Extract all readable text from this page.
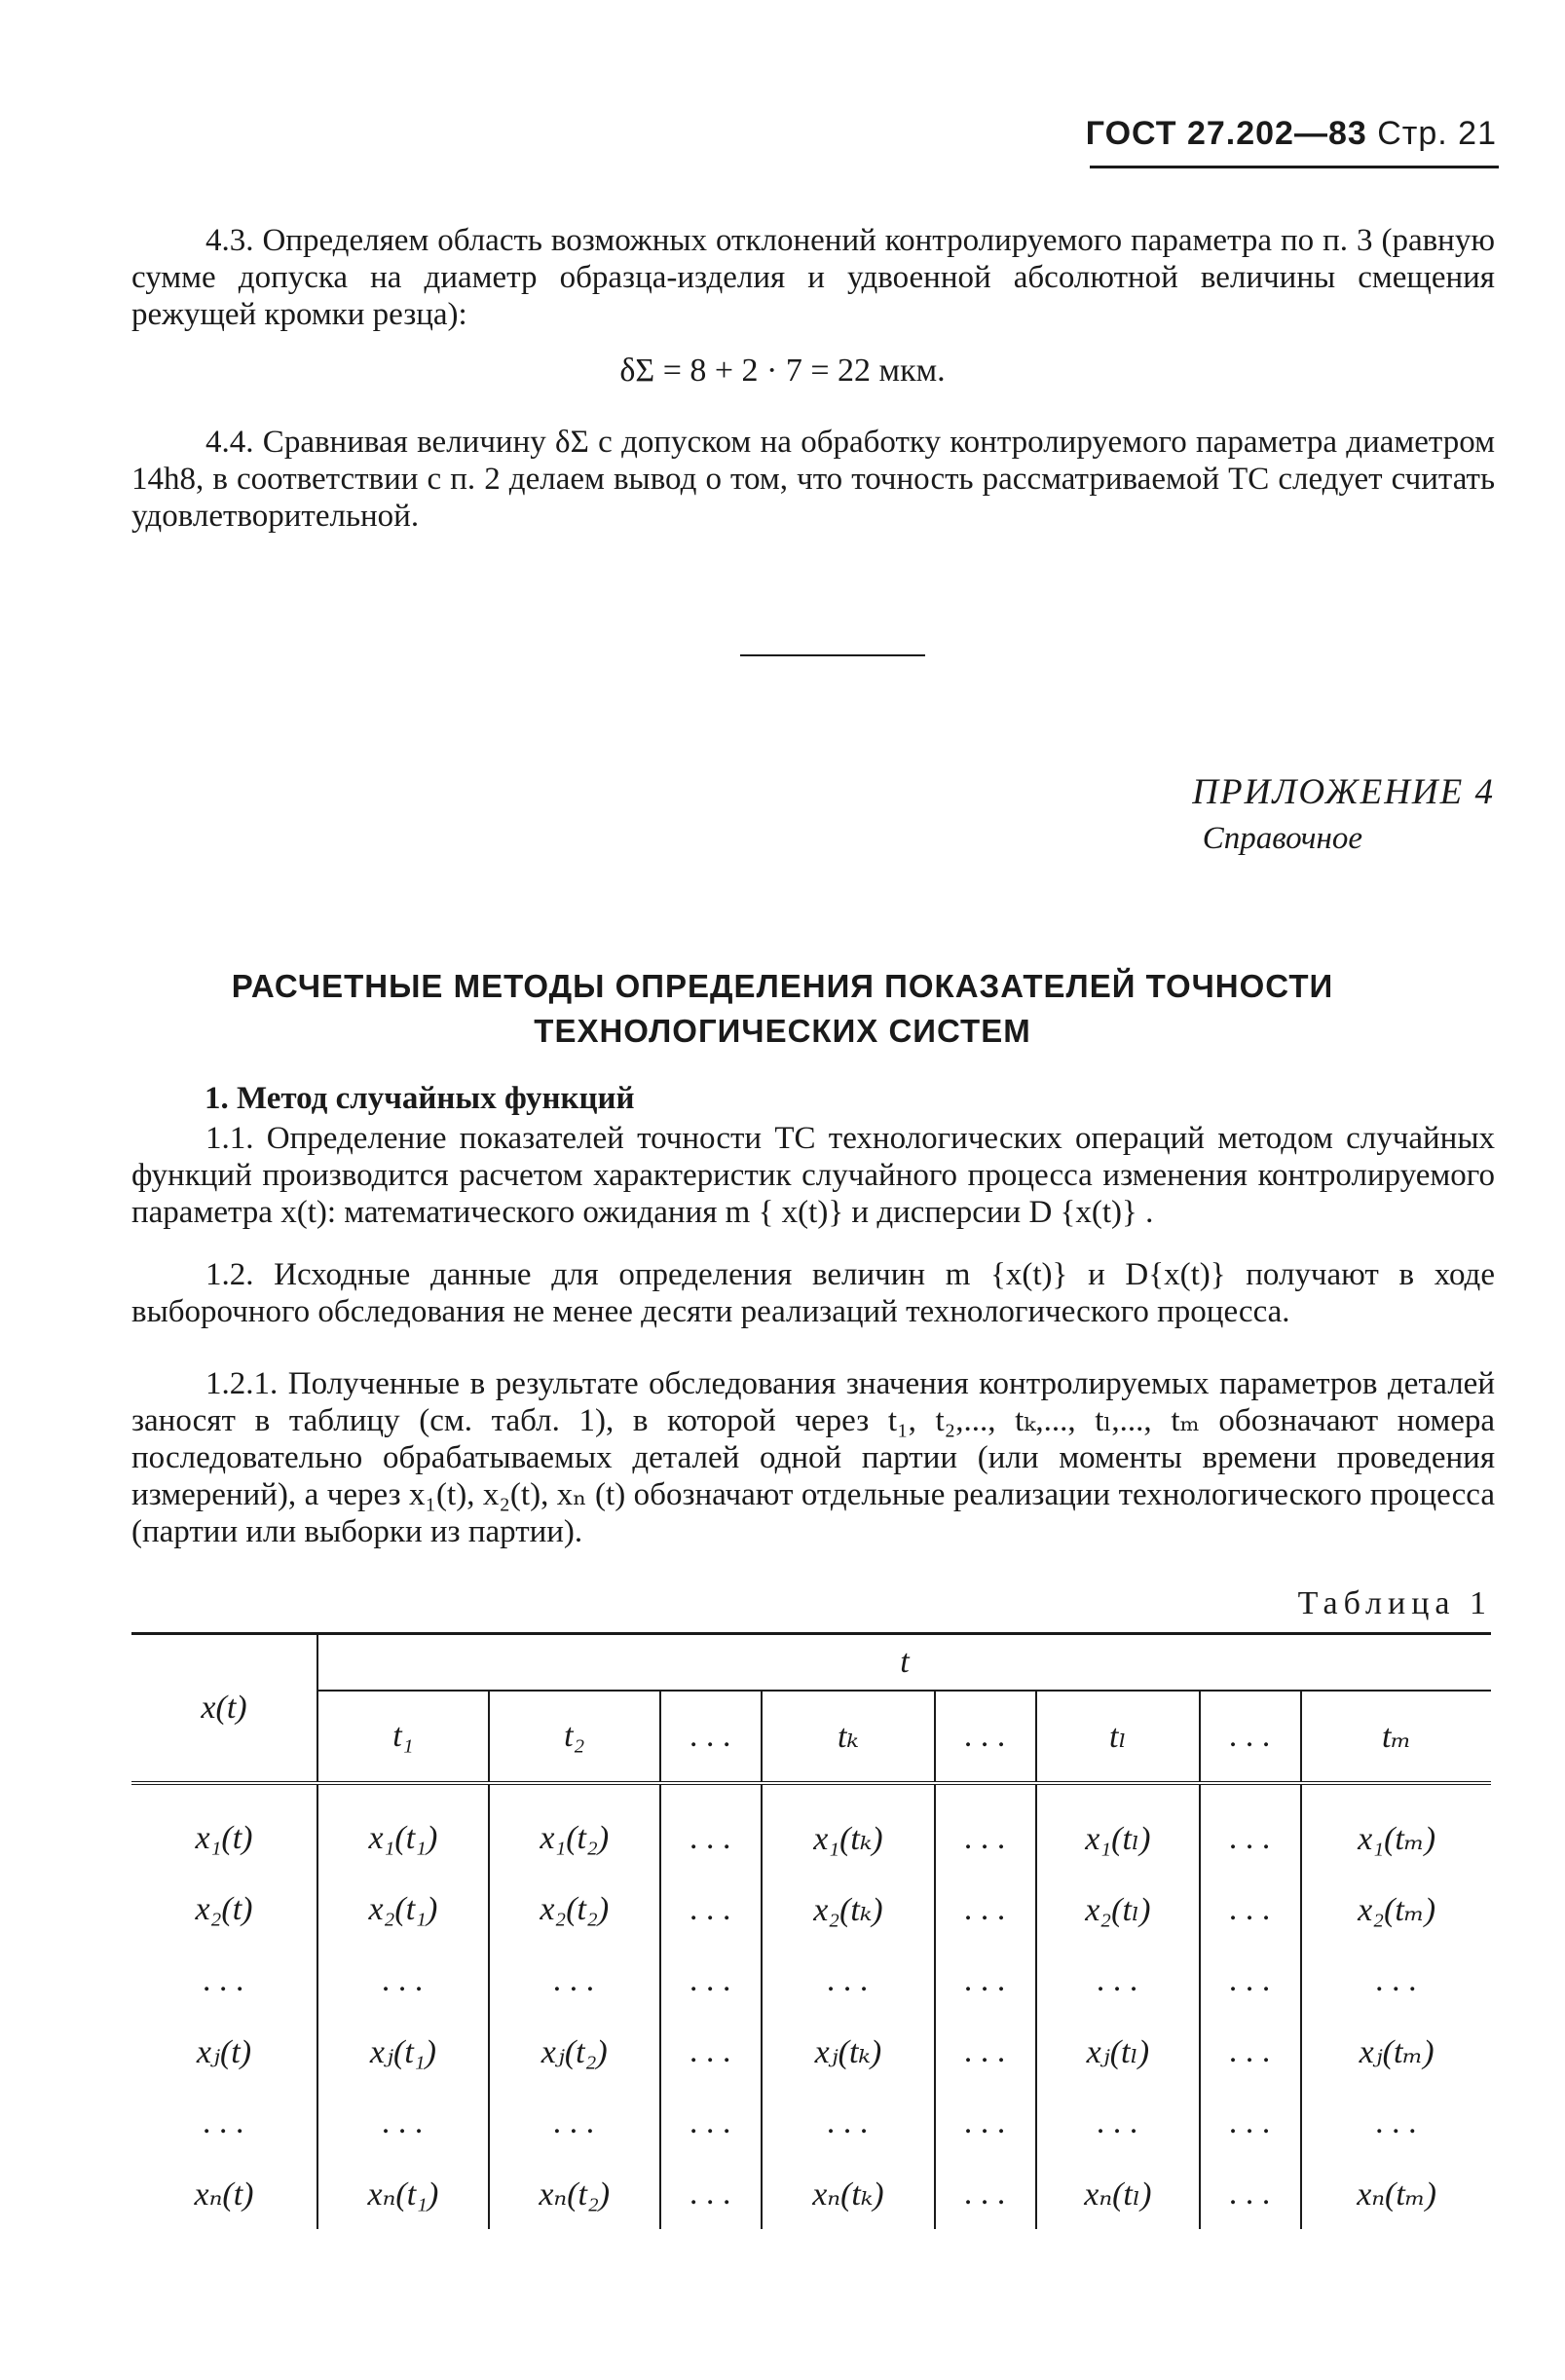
ГОСТ 27.202—83 Стр. 21
4.3. Определяем область возможных отклонений контролируемого параметра по п. 3 (равную сумме допуска на диаметр образца-изделия и удвоенной абсолютной величины смещения режущей кромки резца):
δΣ = 8 + 2 · 7 = 22 мкм.
4.4. Сравнивая величину δΣ с допуском на обработку контролируемого параметра диаметром 14h8, в соответствии с п. 2 делаем вывод о том, что точность рассматриваемой ТС следует считать удовлетворительной.
ПРИЛОЖЕНИЕ 4
Справочное
РАСЧЕТНЫЕ МЕТОДЫ ОПРЕДЕЛЕНИЯ ПОКАЗАТЕЛЕЙ ТОЧНОСТИ
ТЕХНОЛОГИЧЕСКИХ СИСТЕМ
1. Метод случайных функций
1.1. Определение показателей точности ТС технологических операций методом случайных функций производится расчетом характеристик случайного процесса изменения контролируемого параметра x(t): математического ожидания m { x(t)} и дисперсии D {x(t)} .
1.2. Исходные данные для определения величин m {x(t)} и D{x(t)} получают в ходе выборочного обследования не менее десяти реализаций технологического процесса.
1.2.1. Полученные в результате обследования значения контролируемых параметров деталей заносят в таблицу (см. табл. 1), в которой через t₁, t₂,..., tₖ,..., tₗ,..., tₘ обозначают номера последовательно обрабатываемых деталей одной партии (или моменты времени проведения измерений), а через x₁(t), x₂(t), xₙ (t) обозначают отдельные реализации технологического процесса (партии или выборки из партии).
Таблица 1
x(t)	t							
	t₁	t₂	. . .	tₖ	. . .	tₗ	. . .	tₘ
x₁(t)	x₁(t₁)	x₁(t₂)	. . .	x₁(tₖ)	. . .	x₁(tₗ)	. . .	x₁(tₘ)
x₂(t)	x₂(t₁)	x₂(t₂)	. . .	x₂(tₖ)	. . .	x₂(tₗ)	. . .	x₂(tₘ)
. . .	. . .	. . .	. . .	. . .	. . .	. . .	. . .	. . .
xⱼ(t)	xⱼ(t₁)	xⱼ(t₂)	. . .	xⱼ(tₖ)	. . .	xⱼ(tₗ)	. . .	xⱼ(tₘ)
. . .	. . .	. . .	. . .	. . .	. . .	. . .	. . .	. . .
xₙ(t)	xₙ(t₁)	xₙ(t₂)	. . .	xₙ(tₖ)	. . .	xₙ(tₗ)	. . .	xₙ(tₘ)
